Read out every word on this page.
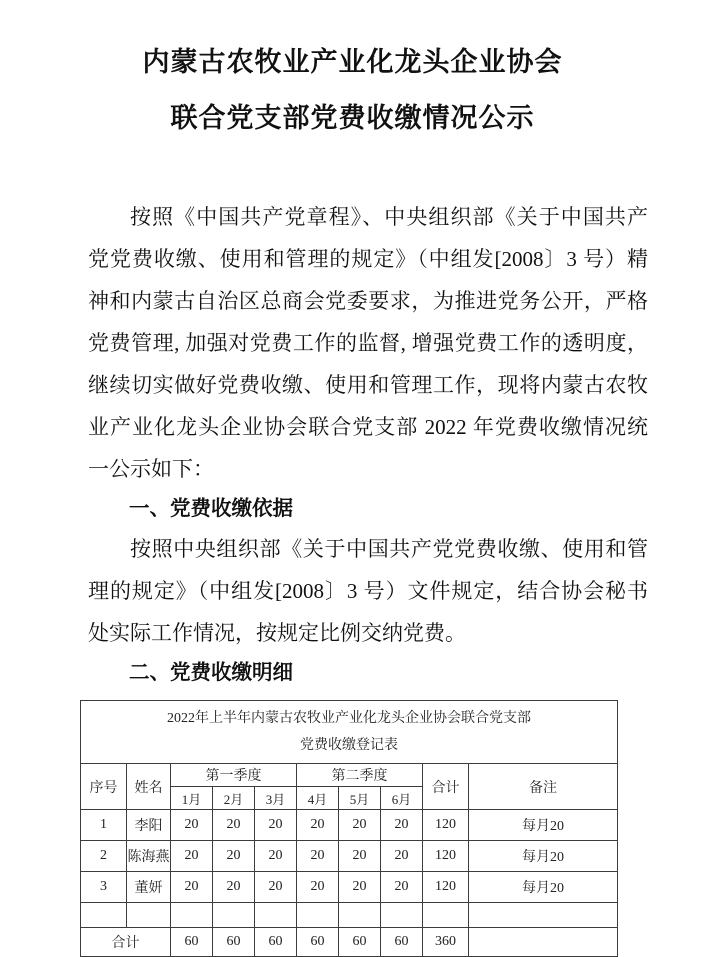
内蒙古农牧业产业化龙头企业协会
联合党支部党费收缴情况公示
按照《中国共产党章程》、中央组织部《关于中国共产
党党费收缴、使用和管理的规定》（中组发[2008〕3 号）精
神和内蒙古自治区总商会党委要求，为推进党务公开，严格
党费管理, 加强对党费工作的监督, 增强党费工作的透明度，
继续切实做好党费收缴、使用和管理工作，现将内蒙古农牧
业产业化龙头企业协会联合党支部 2022 年党费收缴情况统
一公示如下：
一、党费收缴依据
按照中央组织部《关于中国共产党党费收缴、使用和管
理的规定》（中组发[2008〕3 号）文件规定，结合协会秘书
处实际工作情况，按规定比例交纳党费。
二、党费收缴明细
2022年上半年内蒙古农牧业产业化龙头企业协会联合党支部
党费收缴登记表									

序号	姓名	第一季度			第二季度			合计	备注
		1月	2月	3月	4月	5月	6月		
1	李阳	20	20	20	20	20	20	120	每月20
2	陈海燕	20	20	20	20	20	20	120	每月20
3	董妍	20	20	20	20	20	20	120	每月20

合计		60	60	60	60	60	60	360	
